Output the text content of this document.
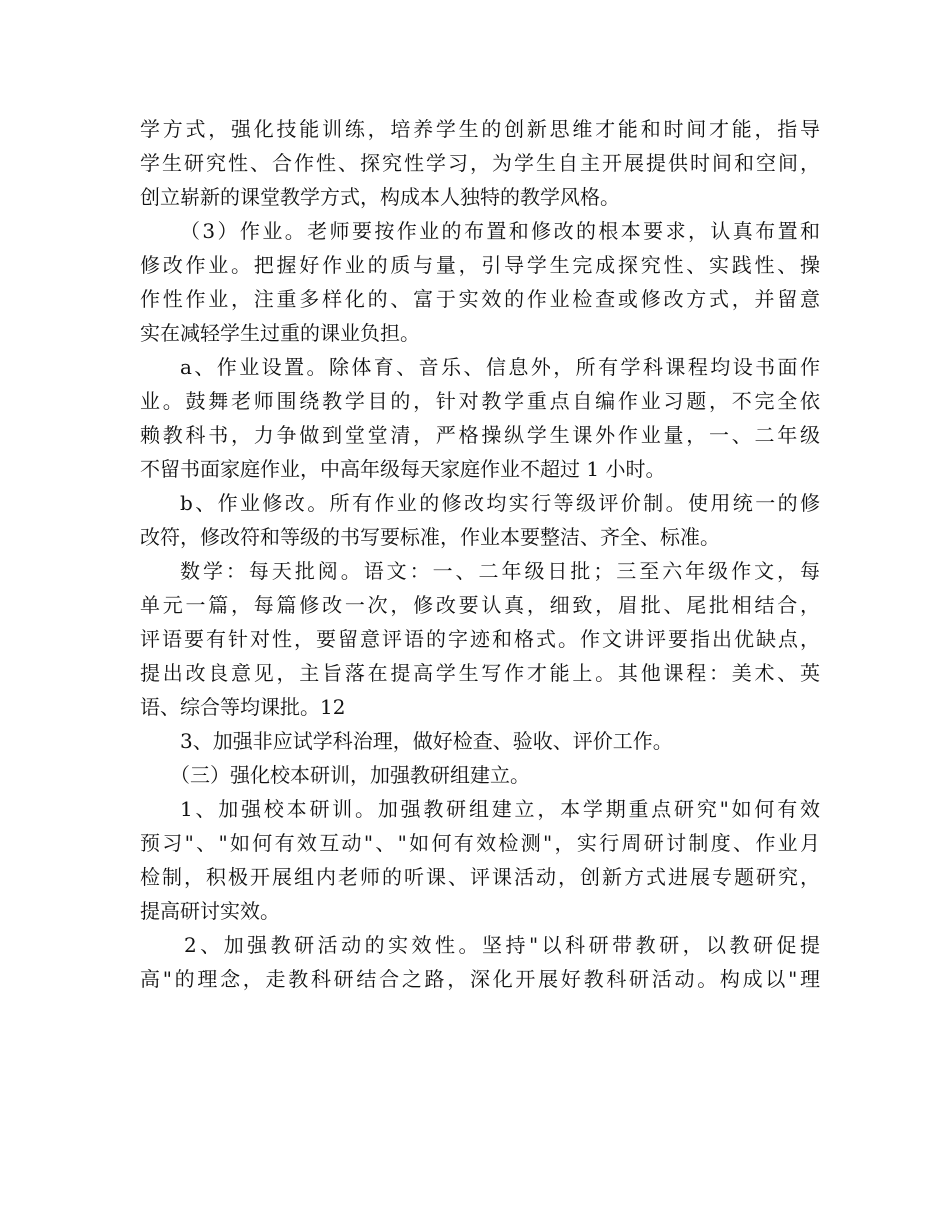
学方式，强化技能训练，培养学生的创新思维才能和时间才能，指导
学生研究性、合作性、探究性学习，为学生自主开展提供时间和空间，
创立崭新的课堂教学方式，构成本人独特的教学风格。
（3）作业。老师要按作业的布置和修改的根本要求，认真布置和
修改作业。把握好作业的质与量，引导学生完成探究性、实践性、操
作性作业，注重多样化的、富于实效的作业检查或修改方式，并留意
实在减轻学生过重的课业负担。
a、作业设置。除体育、音乐、信息外，所有学科课程均设书面作
业。鼓舞老师围绕教学目的，针对教学重点自编作业习题，不完全依
赖教科书，力争做到堂堂清，严格操纵学生课外作业量，一、二年级
不留书面家庭作业，中高年级每天家庭作业不超过 1 小时。
b、作业修改。所有作业的修改均实行等级评价制。使用统一的修
改符，修改符和等级的书写要标准，作业本要整洁、齐全、标准。
数学：每天批阅。语文：一、二年级日批；三至六年级作文，每
单元一篇，每篇修改一次，修改要认真，细致，眉批、尾批相结合，
评语要有针对性，要留意评语的字迹和格式。作文讲评要指出优缺点，
提出改良意见，主旨落在提高学生写作才能上。其他课程：美术、英
语、综合等均课批。12
3、加强非应试学科治理，做好检查、验收、评价工作。
（三）强化校本研训，加强教研组建立。
1、加强校本研训。加强教研组建立，本学期重点研究"如何有效
预习"、"如何有效互动"、"如何有效检测"，实行周研讨制度、作业月
检制，积极开展组内老师的听课、评课活动，创新方式进展专题研究，
提高研讨实效。
2、加强教研活动的实效性。坚持"以科研带教研，以教研促提
高"的理念，走教科研结合之路，深化开展好教科研活动。构成以"理
